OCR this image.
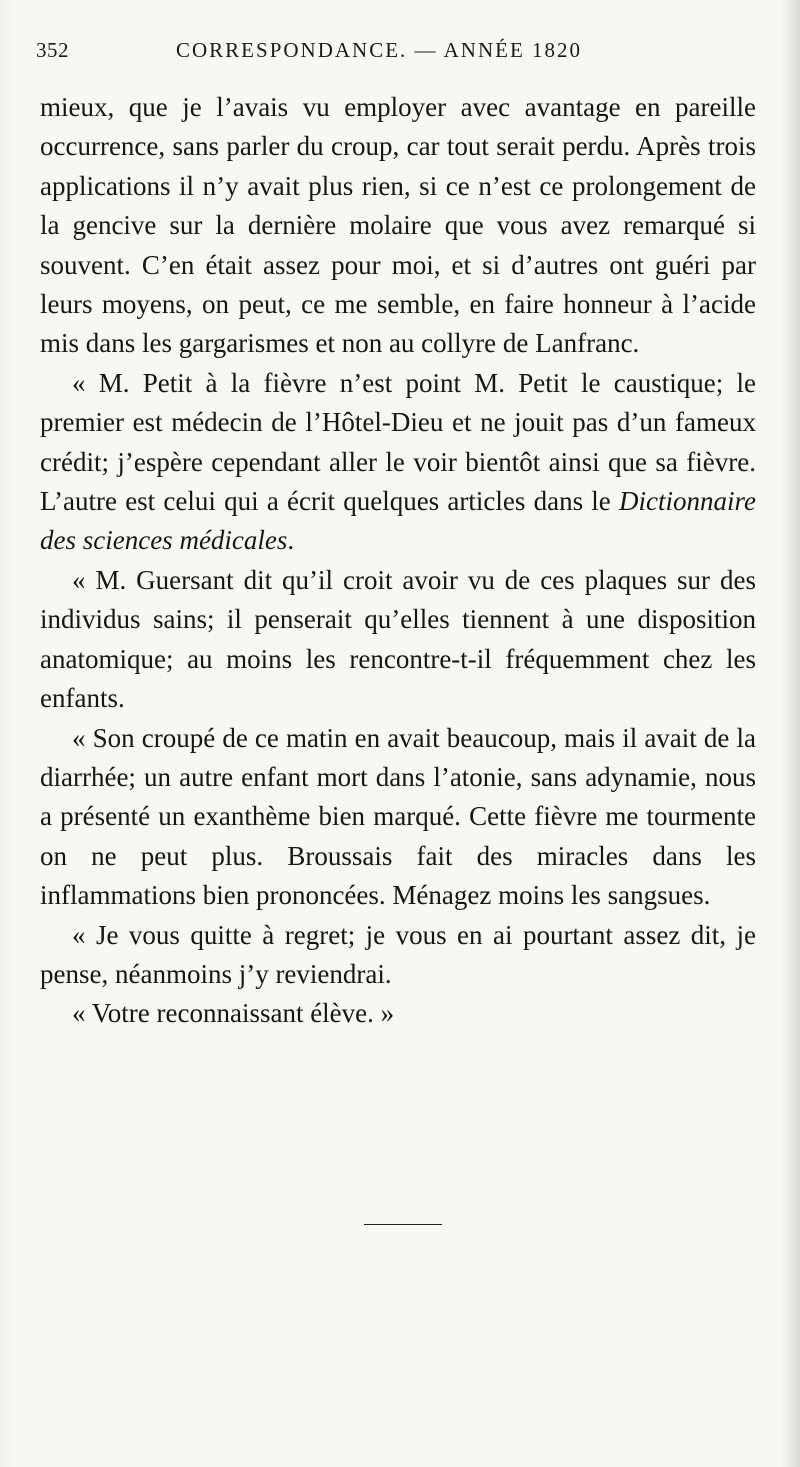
352	CORRESPONDANCE. — ANNÉE 1820

mieux, que je l’avais vu employer avec avantage en pareille occurrence, sans parler du croup, car tout serait perdu. Après trois applications il n’y avait plus rien, si ce n’est ce prolongement de la gencive sur la dernière molaire que vous avez remarqué si souvent. C’en était assez pour moi, et si d’autres ont guéri par leurs moyens, on peut, ce me semble, en faire honneur à l’acide mis dans les gargarismes et non au collyre de Lanfranc.

« M. Petit à la fièvre n’est point M. Petit le caustique; le premier est médecin de l’Hôtel-Dieu et ne jouit pas d’un fameux crédit; j’espère cependant aller le voir bientôt ainsi que sa fièvre. L’autre est celui qui a écrit quelques articles dans le Dictionnaire des sciences médicales.

« M. Guersant dit qu’il croit avoir vu de ces plaques sur des individus sains; il penserait qu’elles tiennent à une disposition anatomique; au moins les rencontre-t-il fréquemment chez les enfants.

« Son croupé de ce matin en avait beaucoup, mais il avait de la diarrhée; un autre enfant mort dans l’atonie, sans adynamie, nous a présenté un exanthème bien marqué. Cette fièvre me tourmente on ne peut plus. Broussais fait des miracles dans les inflammations bien prononcées. Ménagez moins les sangsues.

« Je vous quitte à regret; je vous en ai pourtant assez dit, je pense, néanmoins j’y reviendrai.

« Votre reconnaissant élève. »
